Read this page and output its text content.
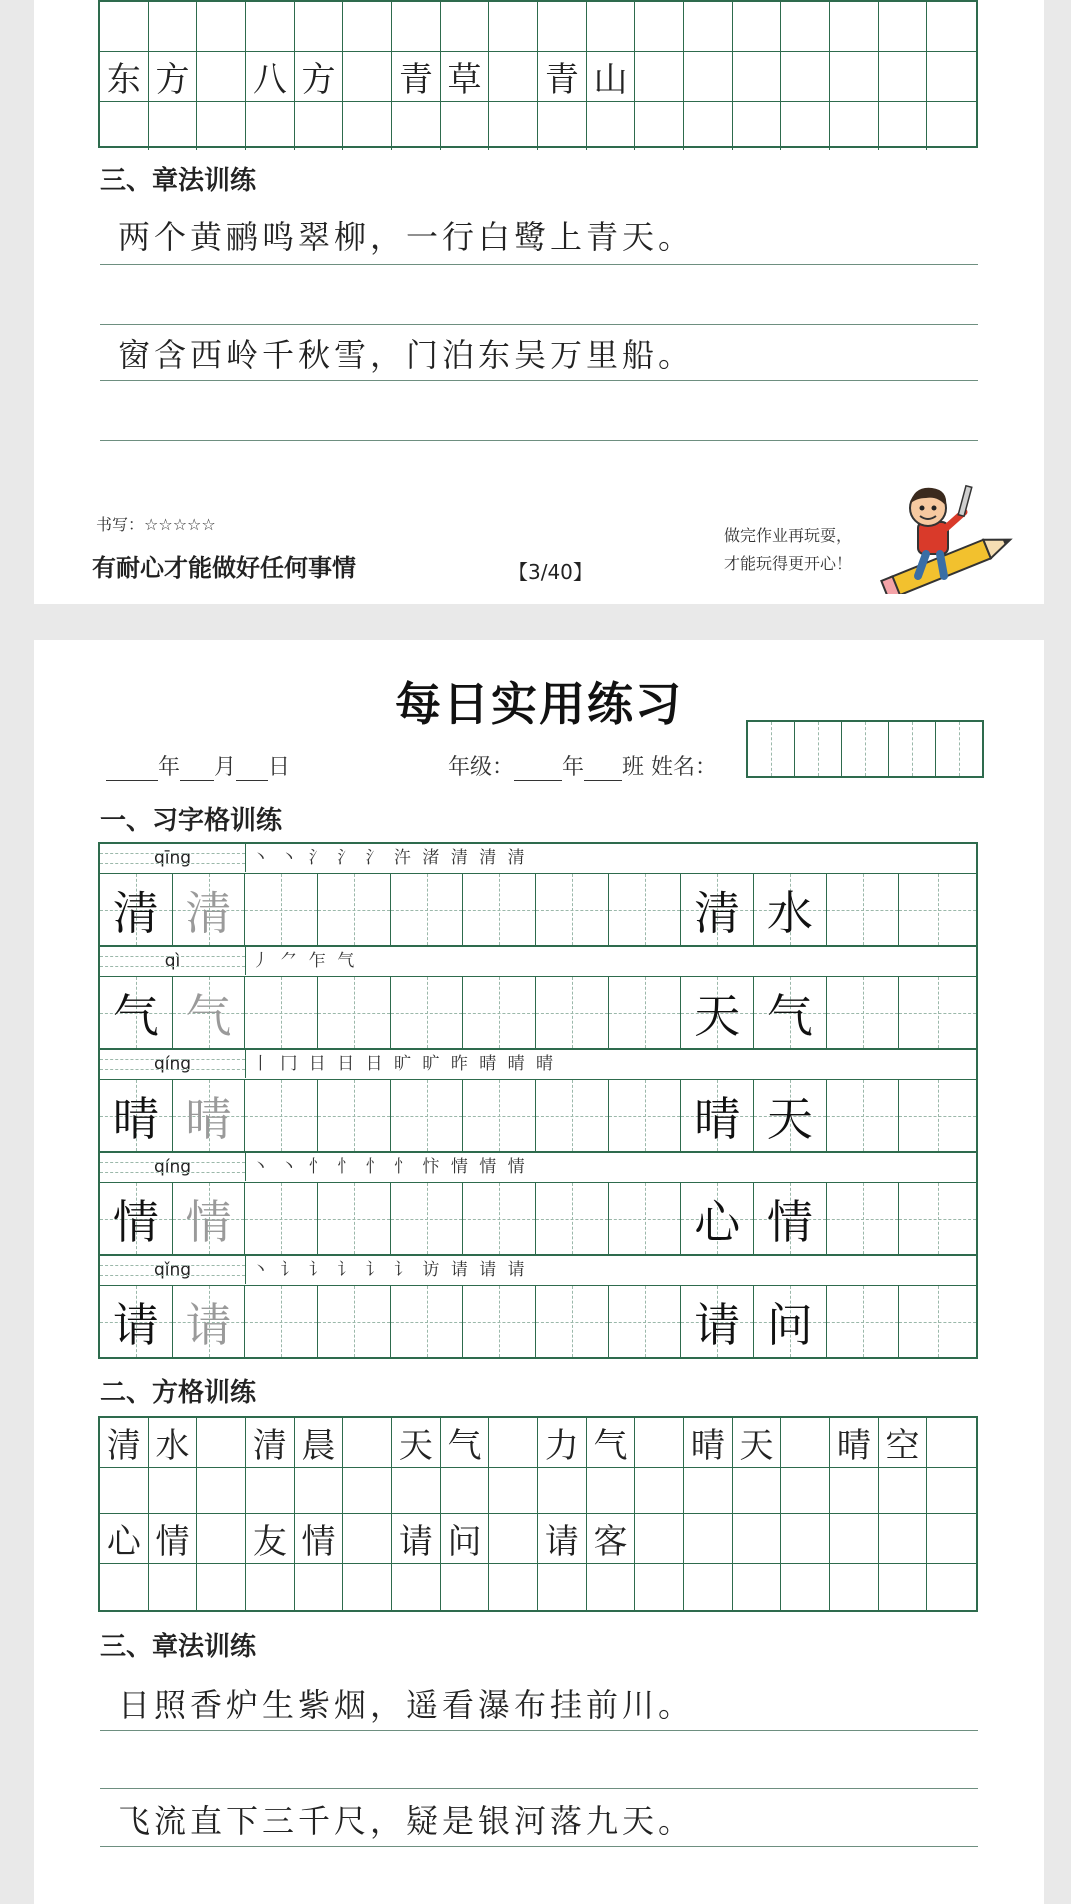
东 方 八 方 青 草 青 山
三、章法训练
两个黄鹂鸣翠柳，一行白鹭上青天。
窗含西岭千秋雪，门泊东吴万里船。
书写：☆☆☆☆☆
有耐心才能做好任何事情	【3/40】
做完作业再玩耍，
才能玩得更开心！
每日实用练习
年 月 日	年级： 年 班 姓名：
一、习字格训练
qīng	丶 丶 氵 氵 氵 汻 渚 清 清 清
清 清	清 水
qì	丿 ⺈ 乍 气
气 气	天 气
qíng	丨 冂 日 日 日 旷 旷 昨 晴 晴 晴
晴 晴	晴 天
qíng	丶 丶 忄 忄 忄 忄 忭 情 情 情
情 情	心 情
qǐng	丶 讠 讠 讠 讠 讠 访 请 请 请
请 请	请 问
二、方格训练
清 水 清 晨 天 气 力 气 晴 天 晴 空
心 情 友 情 请 问 请 客
三、章法训练
日照香炉生紫烟，遥看瀑布挂前川。
飞流直下三千尺，疑是银河落九天。
